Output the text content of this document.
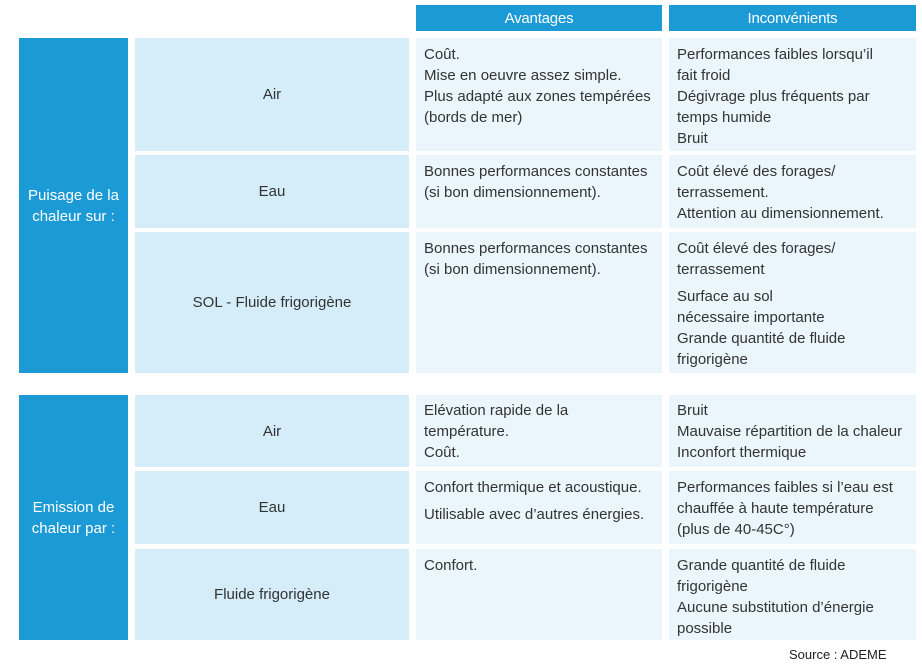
Avantages	Inconvénients
Puisage de la
chaleur sur :
Air
Coût.
Mise en oeuvre assez simple.
Plus adapté aux zones tempérées
(bords de mer)
Performances faibles lorsqu’il
fait froid
Dégivrage plus fréquents par
temps humide
Bruit
Eau
Bonnes performances constantes
(si bon dimensionnement).
Coût élevé des forages/
terrassement.
Attention au dimensionnement.
SOL - Fluide frigorigène
Bonnes performances constantes
(si bon dimensionnement).
Coût élevé des forages/
terrassement
Surface au sol
nécessaire importante
Grande quantité de fluide
frigorigène
Emission de
chaleur par :
Air
Elévation rapide de la
température.
Coût.
Bruit
Mauvaise répartition de la chaleur
Inconfort thermique
Eau
Confort thermique et acoustique.
Utilisable avec d’autres énergies.
Performances faibles si l’eau est
chauffée à haute température
(plus de 40-45C°)
Fluide frigorigène
Confort.	Grande quantité de fluide
frigorigène
Aucune substitution d’énergie
possible
Source : ADEME
